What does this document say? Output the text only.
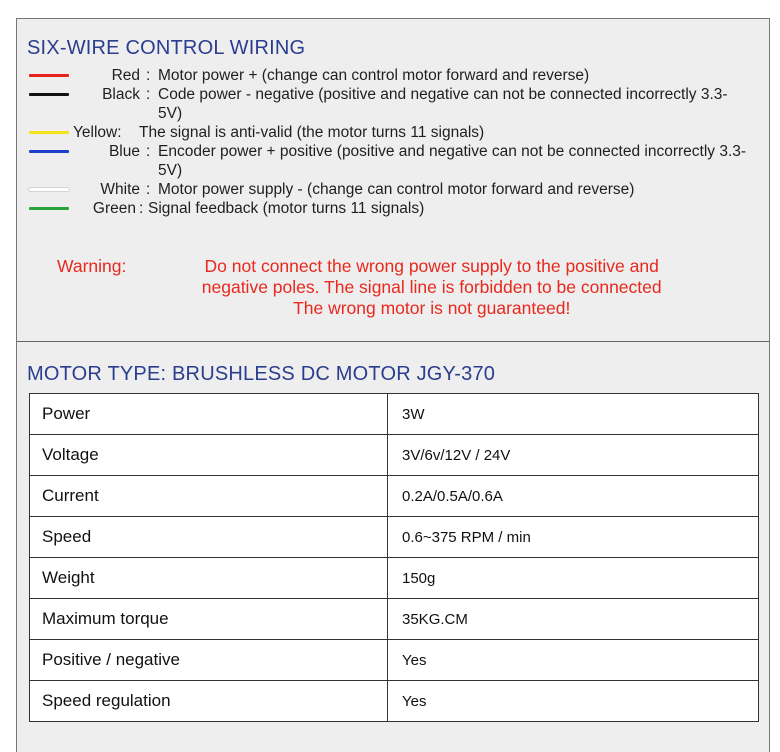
SIX-WIRE CONTROL WIRING
Red : Motor power + (change can control motor forward and reverse)
Black : Code power - negative (positive and negative can not be connected incorrectly 3.3-5V)
Yellow:	The signal is anti-valid (the motor turns 11 signals)
Blue : Encoder power + positive (positive and negative can not be connected incorrectly 3.3-5V)
White : Motor power supply - (change can control motor forward and reverse)
Green : Signal feedback (motor turns 11 signals)
Warning:	Do not connect the wrong power supply to the positive and
negative poles. The signal line is forbidden to be connected
The wrong motor is not guaranteed!
MOTOR TYPE: BRUSHLESS DC MOTOR JGY-370
Power	3W
Voltage	3V/6v/12V / 24V
Current	0.2A/0.5A/0.6A
Speed	0.6~375 RPM / min
Weight	150g
Maximum torque	35KG.CM
Positive / negative	Yes
Speed regulation	Yes
